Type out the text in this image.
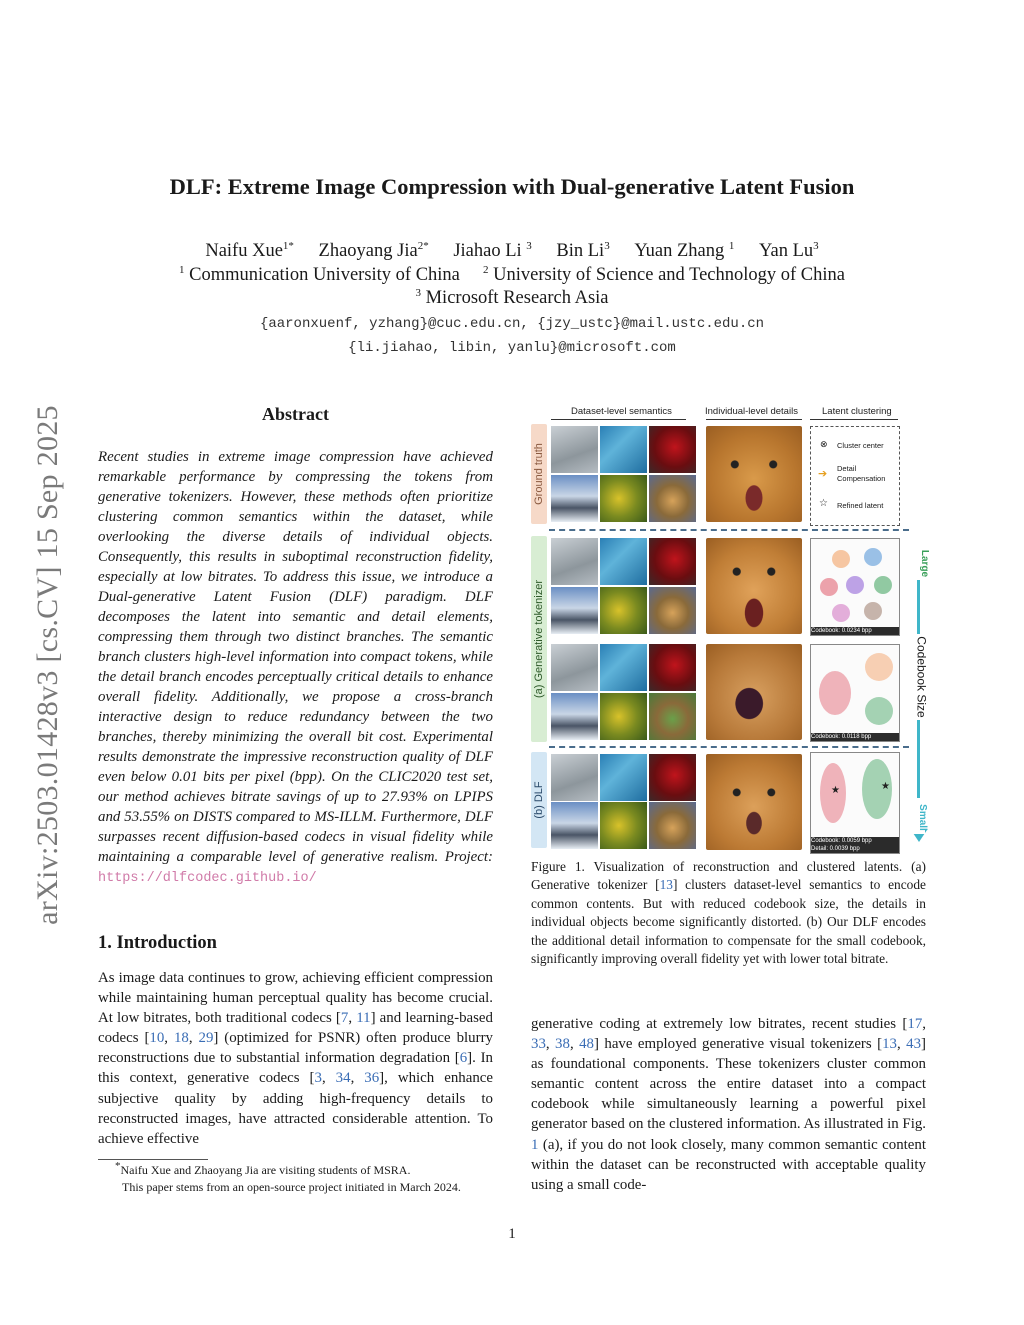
arXiv:2503.01428v3 [cs.CV] 15 Sep 2025
DLF: Extreme Image Compression with Dual-generative Latent Fusion
Naifu Xue$^{1*}$ Zhaoyang Jia$^{2*}$ Jiahao Li $^3$ Bin Li$^3$ Yuan Zhang $^1$ Yan Lu$^3$
$^1$ Communication University of China $^2$ University of Science and Technology of China
$^3$ Microsoft Research Asia
{aaronxuenf, yzhang}@cuc.edu.cn, {jzy_ustc}@mail.ustc.edu.cn
{li.jiahao, libin, yanlu}@microsoft.com
Abstract
Recent studies in extreme image compression have achieved remarkable performance by compressing the tokens from generative tokenizers. However, these methods often prioritize clustering common semantics within the dataset, while overlooking the diverse details of individual objects. Consequently, this results in suboptimal reconstruction fidelity, especially at low bitrates. To address this issue, we introduce a Dual-generative Latent Fusion (DLF) paradigm. DLF decomposes the latent into semantic and detail elements, compressing them through two distinct branches. The semantic branch clusters high-level information into compact tokens, while the detail branch encodes perceptually critical details to enhance overall fidelity. Additionally, we propose a cross-branch interactive design to reduce redundancy between the two branches, thereby minimizing the overall bit cost. Experimental results demonstrate the impressive reconstruction quality of DLF even below 0.01 bits per pixel (bpp). On the CLIC2020 test set, our method achieves bitrate savings of up to 27.93% on LPIPS and 53.55% on DISTS compared to MS-ILLM. Furthermore, DLF surpasses recent diffusion-based codecs in visual fidelity while maintaining a comparable level of generative realism. Project: https://dlfcodec.github.io/
1. Introduction
As image data continues to grow, achieving efficient compression while maintaining human perceptual quality has become crucial. At low bitrates, both traditional codecs [7, 11] and learning-based codecs [10, 18, 29] (optimized for PSNR) often produce blurry reconstructions due to substantial information degradation [6]. In this context, generative codecs [3, 34, 36], which enhance subjective quality by adding high-frequency details to reconstructed images, have attracted considerable attention. To achieve effective
*Naifu Xue and Zhaoyang Jia are visiting students of MSRA.
This paper stems from an open-source project initiated in March 2024.
Dataset-level semantics	Individual-level details	Latent clustering
Ground truth
(a) Generative tokenizer
(b) DLF
⊗ Cluster center
➔ Detail Compensation
☆ Refined latent
Codebook: 0.0234 bpp
Codebook: 0.0118 bpp
★	★
Codebook: 0.0059 bpp
Detail: 0.0039 bpp
Large
Codebook Size
Small
Figure 1. Visualization of reconstruction and clustered latents. (a) Generative tokenizer [13] clusters dataset-level semantics to encode common contents. But with reduced codebook size, the details in individual objects become significantly distorted. (b) Our DLF encodes the additional detail information to compensate for the small codebook, significantly improving overall fidelity yet with lower total bitrate.
generative coding at extremely low bitrates, recent studies [17, 33, 38, 48] have employed generative visual tokenizers [13, 43] as foundational components. These tokenizers cluster common semantic content across the entire dataset into a compact codebook while simultaneously learning a powerful pixel generator based on the clustered information. As illustrated in Fig. 1 (a), if you do not look closely, many common semantic content within the dataset can be reconstructed with acceptable quality using a small code-
1
